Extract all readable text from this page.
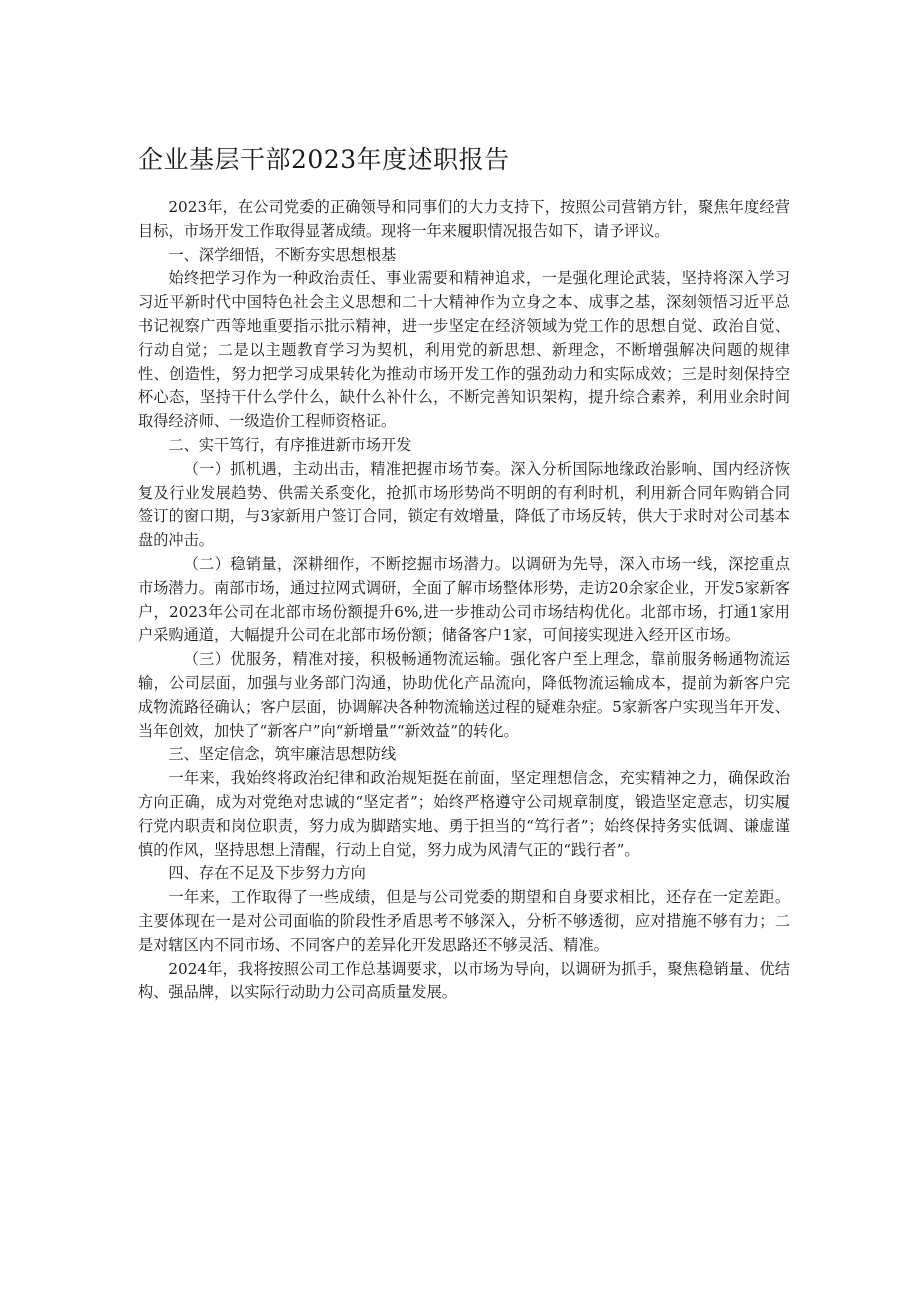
企业基层干部2023年度述职报告

2023年，在公司党委的正确领导和同事们的大力支持下，按照公司营销方针，聚焦年度经营目标，市场开发工作取得显著成绩。现将一年来履职情况报告如下，请予评议。

一、深学细悟，不断夯实思想根基

始终把学习作为一种政治责任、事业需要和精神追求，一是强化理论武装，坚持将深入学习习近平新时代中国特色社会主义思想和二十大精神作为立身之本、成事之基，深刻领悟习近平总书记视察广西等地重要指示批示精神，进一步坚定在经济领域为党工作的思想自觉、政治自觉、行动自觉；二是以主题教育学习为契机，利用党的新思想、新理念，不断增强解决问题的规律性、创造性，努力把学习成果转化为推动市场开发工作的强劲动力和实际成效；三是时刻保持空杯心态，坚持干什么学什么，缺什么补什么，不断完善知识架构，提升综合素养，利用业余时间取得经济师、一级造价工程师资格证。

二、实干笃行，有序推进新市场开发

（一）抓机遇，主动出击，精准把握市场节奏。深入分析国际地缘政治影响、国内经济恢复及行业发展趋势、供需关系变化，抢抓市场形势尚不明朗的有利时机，利用新合同年购销合同签订的窗口期，与3家新用户签订合同，锁定有效增量，降低了市场反转，供大于求时对公司基本盘的冲击。

（二）稳销量，深耕细作，不断挖掘市场潜力。以调研为先导，深入市场一线，深挖重点市场潜力。南部市场，通过拉网式调研，全面了解市场整体形势，走访20余家企业，开发5家新客户，2023年公司在北部市场份额提升6%,进一步推动公司市场结构优化。北部市场，打通1家用户采购通道，大幅提升公司在北部市场份额；储备客户1家，可间接实现进入经开区市场。

（三）优服务，精准对接，积极畅通物流运输。强化客户至上理念，靠前服务畅通物流运输，公司层面，加强与业务部门沟通，协助优化产品流向，降低物流运输成本，提前为新客户完成物流路径确认；客户层面，协调解决各种物流输送过程的疑难杂症。5家新客户实现当年开发、当年创效，加快了“新客户”向“新增量”“新效益”的转化。

三、坚定信念，筑牢廉洁思想防线

一年来，我始终将政治纪律和政治规矩挺在前面，坚定理想信念，充实精神之力，确保政治方向正确，成为对党绝对忠诚的“坚定者”；始终严格遵守公司规章制度，锻造坚定意志，切实履行党内职责和岗位职责，努力成为脚踏实地、勇于担当的“笃行者”；始终保持务实低调、谦虚谨慎的作风，坚持思想上清醒，行动上自觉，努力成为风清气正的“践行者”。

四、存在不足及下步努力方向

一年来，工作取得了一些成绩，但是与公司党委的期望和自身要求相比，还存在一定差距。主要体现在一是对公司面临的阶段性矛盾思考不够深入，分析不够透彻，应对措施不够有力；二是对辖区内不同市场、不同客户的差异化开发思路还不够灵活、精准。

2024年，我将按照公司工作总基调要求，以市场为导向，以调研为抓手，聚焦稳销量、优结构、强品牌，以实际行动助力公司高质量发展。
